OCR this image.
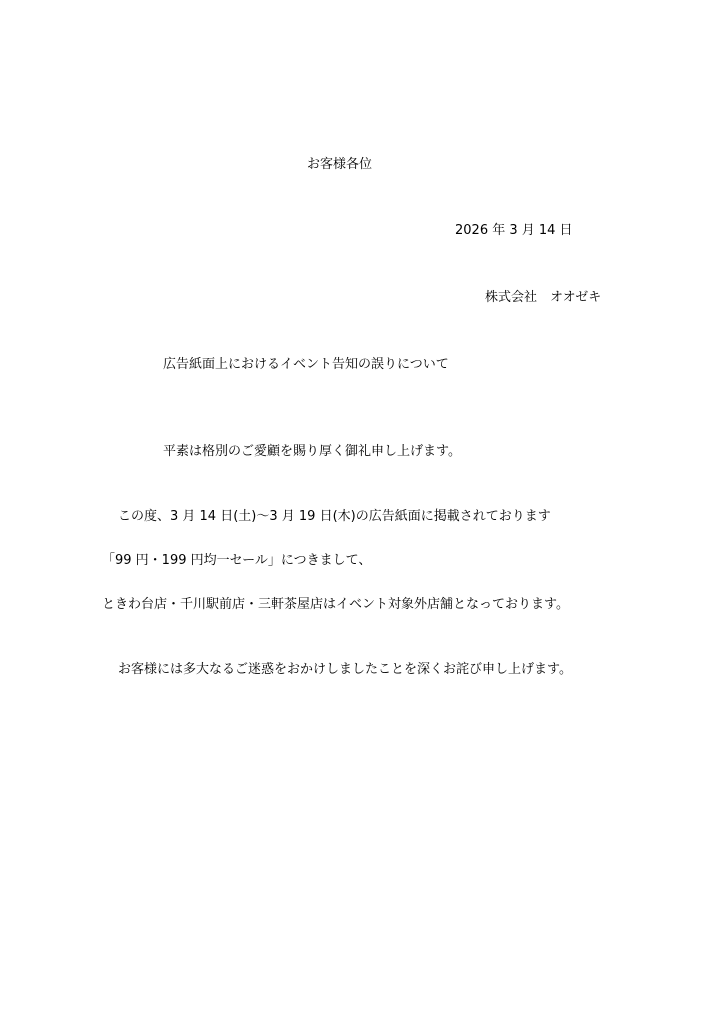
お客様各位
2026 年 3 月 14 日
株式会社　オオゼキ
広告紙面上におけるイベント告知の誤りについて
平素は格別のご愛顧を賜り厚く御礼申し上げます。
この度、3 月 14 日(土)～3 月 19 日(木)の広告紙面に掲載されております
「99 円・199 円均一セール」につきまして、
ときわ台店・千川駅前店・三軒茶屋店はイベント対象外店舗となっております。
お客様には多大なるご迷惑をおかけしましたことを深くお詫び申し上げます。
